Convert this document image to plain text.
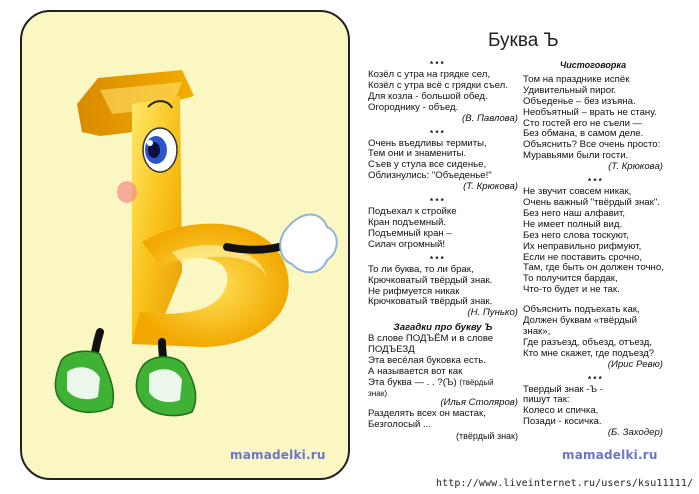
mamadelki.ru	mamadelki.ru
http://www.liveinternet.ru/users/ksu11111/
Буква Ъ
* * *
Козёл с утра на грядке сел,
Козёл с утра всё с грядки съел.
Для козла - большой обед.
Огороднику - объед.
(В. Павлова)
* * *
Очень въедливы термиты,
Тем они и знамениты.
Съев у стула все сиденье,
Облизнулись: "Объеденье!"
(Т. Крюкова)
* * *
Подъехал к стройке
Кран подъемный.
Подъемный кран –
Силач огромный!
* * *
То ли буква, то ли брак,
Крючковатый твёрдый знак.
Не рифмуется никак
Крючковатый твёрдый знак.
(Н. Пунько)
Загадки про букву Ъ
В слове ПОДЪЁМ и в слове
ПОДЪЕЗД
Эта весёлая буковка есть.
А называется вот как
Эта буква — . . ?(Ъ) (твёрдый
знак)
(Илья Столяров)
Разделять всех он мастак,
Безголосый ...
(твёрдый знак)
Чистоговорка
Том на празднике испёк
Удивительный пирог.
Объеденье – без изъяна.
Необъятный – врать не стану.
Сто гостей его не съели —
Без обмана, в самом деле.
Объяснить? Все очень просто:
Муравьями были гости.
(Т. Крюкова)
* * *
Не звучит совсем никак,
Очень важный "твёрдый знак".
Без него наш алфавит,
Не имеет полный вид.
Без него слова тоскуют,
Их неправильно рифмуют,
Если не поставить срочно,
Там, где быть он должен точно,
То получится бардак,
Что-то будет и не так.
Объяснить подъехать как,
Должен буквам «твёрдый
знак»,
Где разъезд, объезд, отъезд,
Кто мне скажет, где подъезд?
(Ирис Ревю)
* * *
Твердый знак -Ъ -
пишут так:
Колесо и спичка,
Позади - косичка.
(Б. Заходер)
